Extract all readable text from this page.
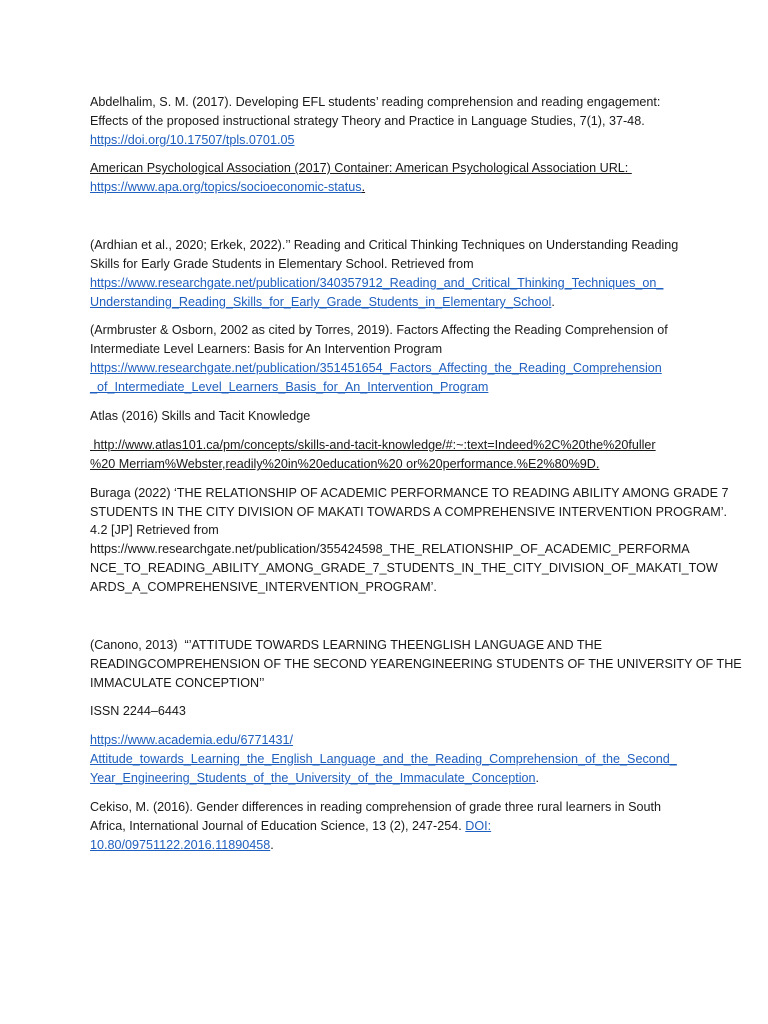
Abdelhalim, S. M. (2017). Developing EFL students’ reading comprehension and reading engagement:
Effects of the proposed instructional strategy Theory and Practice in Language Studies, 7(1), 37-48.
https://doi.org/10.17507/tpls.0701.05
American Psychological Association (2017) Container: American Psychological Association URL:
https://www.apa.org/topics/socioeconomic-status.
(Ardhian et al., 2020; Erkek, 2022).’’ Reading and Critical Thinking Techniques on Understanding Reading
Skills for Early Grade Students in Elementary School. Retrieved from
https://www.researchgate.net/publication/340357912_Reading_and_Critical_Thinking_Techniques_on_
Understanding_Reading_Skills_for_Early_Grade_Students_in_Elementary_School.
(Armbruster & Osborn, 2002 as cited by Torres, 2019). Factors Affecting the Reading Comprehension of
Intermediate Level Learners: Basis for An Intervention Program
https://www.researchgate.net/publication/351451654_Factors_Affecting_the_Reading_Comprehension
_of_Intermediate_Level_Learners_Basis_for_An_Intervention_Program
Atlas (2016) Skills and Tacit Knowledge
http://www.atlas101.ca/pm/concepts/skills-and-tacit-knowledge/#:~:text=Indeed%2C%20the%20fuller
%20 Merriam%Webster,readily%20in%20education%20 or%20performance.%E2%80%9D.
Buraga (2022) ‘THE RELATIONSHIP OF ACADEMIC PERFORMANCE TO READING ABILITY AMONG GRADE 7
STUDENTS IN THE CITY DIVISION OF MAKATI TOWARDS A COMPREHENSIVE INTERVENTION PROGRAM’.
4.2 [JP] Retrieved from
https://www.researchgate.net/publication/355424598_THE_RELATIONSHIP_OF_ACADEMIC_PERFORMA
NCE_TO_READING_ABILITY_AMONG_GRADE_7_STUDENTS_IN_THE_CITY_DIVISION_OF_MAKATI_TOW
ARDS_A_COMPREHENSIVE_INTERVENTION_PROGRAM’.
(Canono, 2013)  “’ATTITUDE TOWARDS LEARNING THEENGLISH LANGUAGE AND THE
READINGCOMPREHENSION OF THE SECOND YEARENGINEERING STUDENTS OF THE UNIVERSITY OF THE
IMMACULATE CONCEPTION’’
ISSN 2244–6443
https://www.academia.edu/6771431/
Attitude_towards_Learning_the_English_Language_and_the_Reading_Comprehension_of_the_Second_
Year_Engineering_Students_of_the_University_of_the_Immaculate_Conception.
Cekiso, M. (2016). Gender differences in reading comprehension of grade three rural learners in South
Africa, International Journal of Education Science, 13 (2), 247-254. DOI:
10.80/09751122.2016.11890458.
